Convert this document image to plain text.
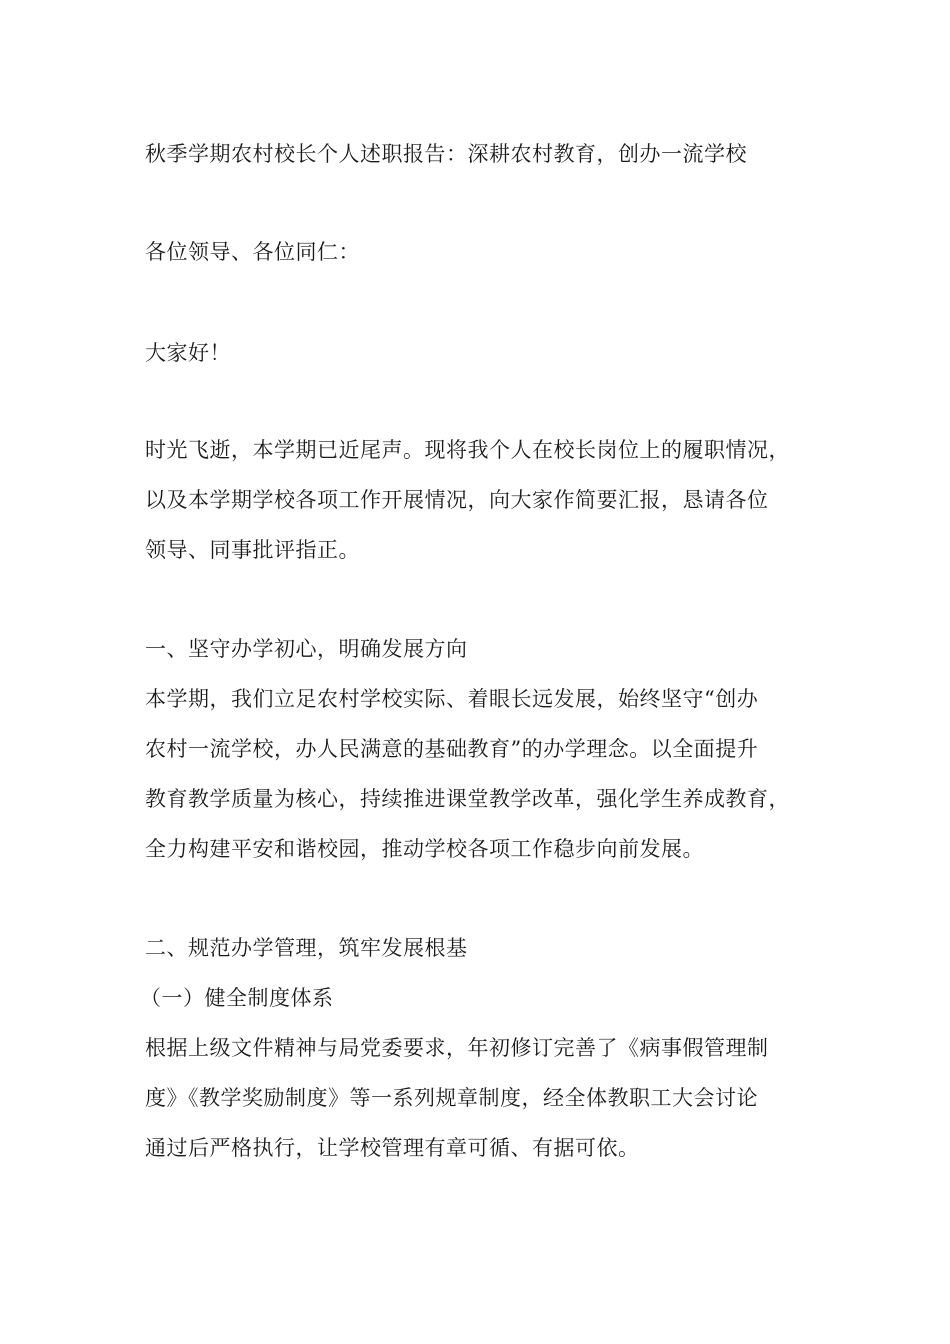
秋季学期农村校长个人述职报告：深耕农村教育，创办一流学校
各位领导、各位同仁：
大家好！
时光飞逝，本学期已近尾声。现将我个人在校长岗位上的履职情况，
以及本学期学校各项工作开展情况，向大家作简要汇报，恳请各位
领导、同事批评指正。
一、坚守办学初心，明确发展方向
本学期，我们立足农村学校实际、着眼长远发展，始终坚守“创办
农村一流学校，办人民满意的基础教育”的办学理念。以全面提升
教育教学质量为核心，持续推进课堂教学改革，强化学生养成教育，
全力构建平安和谐校园，推动学校各项工作稳步向前发展。
二、规范办学管理，筑牢发展根基
（一）健全制度体系
根据上级文件精神与局党委要求，年初修订完善了《病事假管理制
度》《教学奖励制度》等一系列规章制度，经全体教职工大会讨论
通过后严格执行，让学校管理有章可循、有据可依。
